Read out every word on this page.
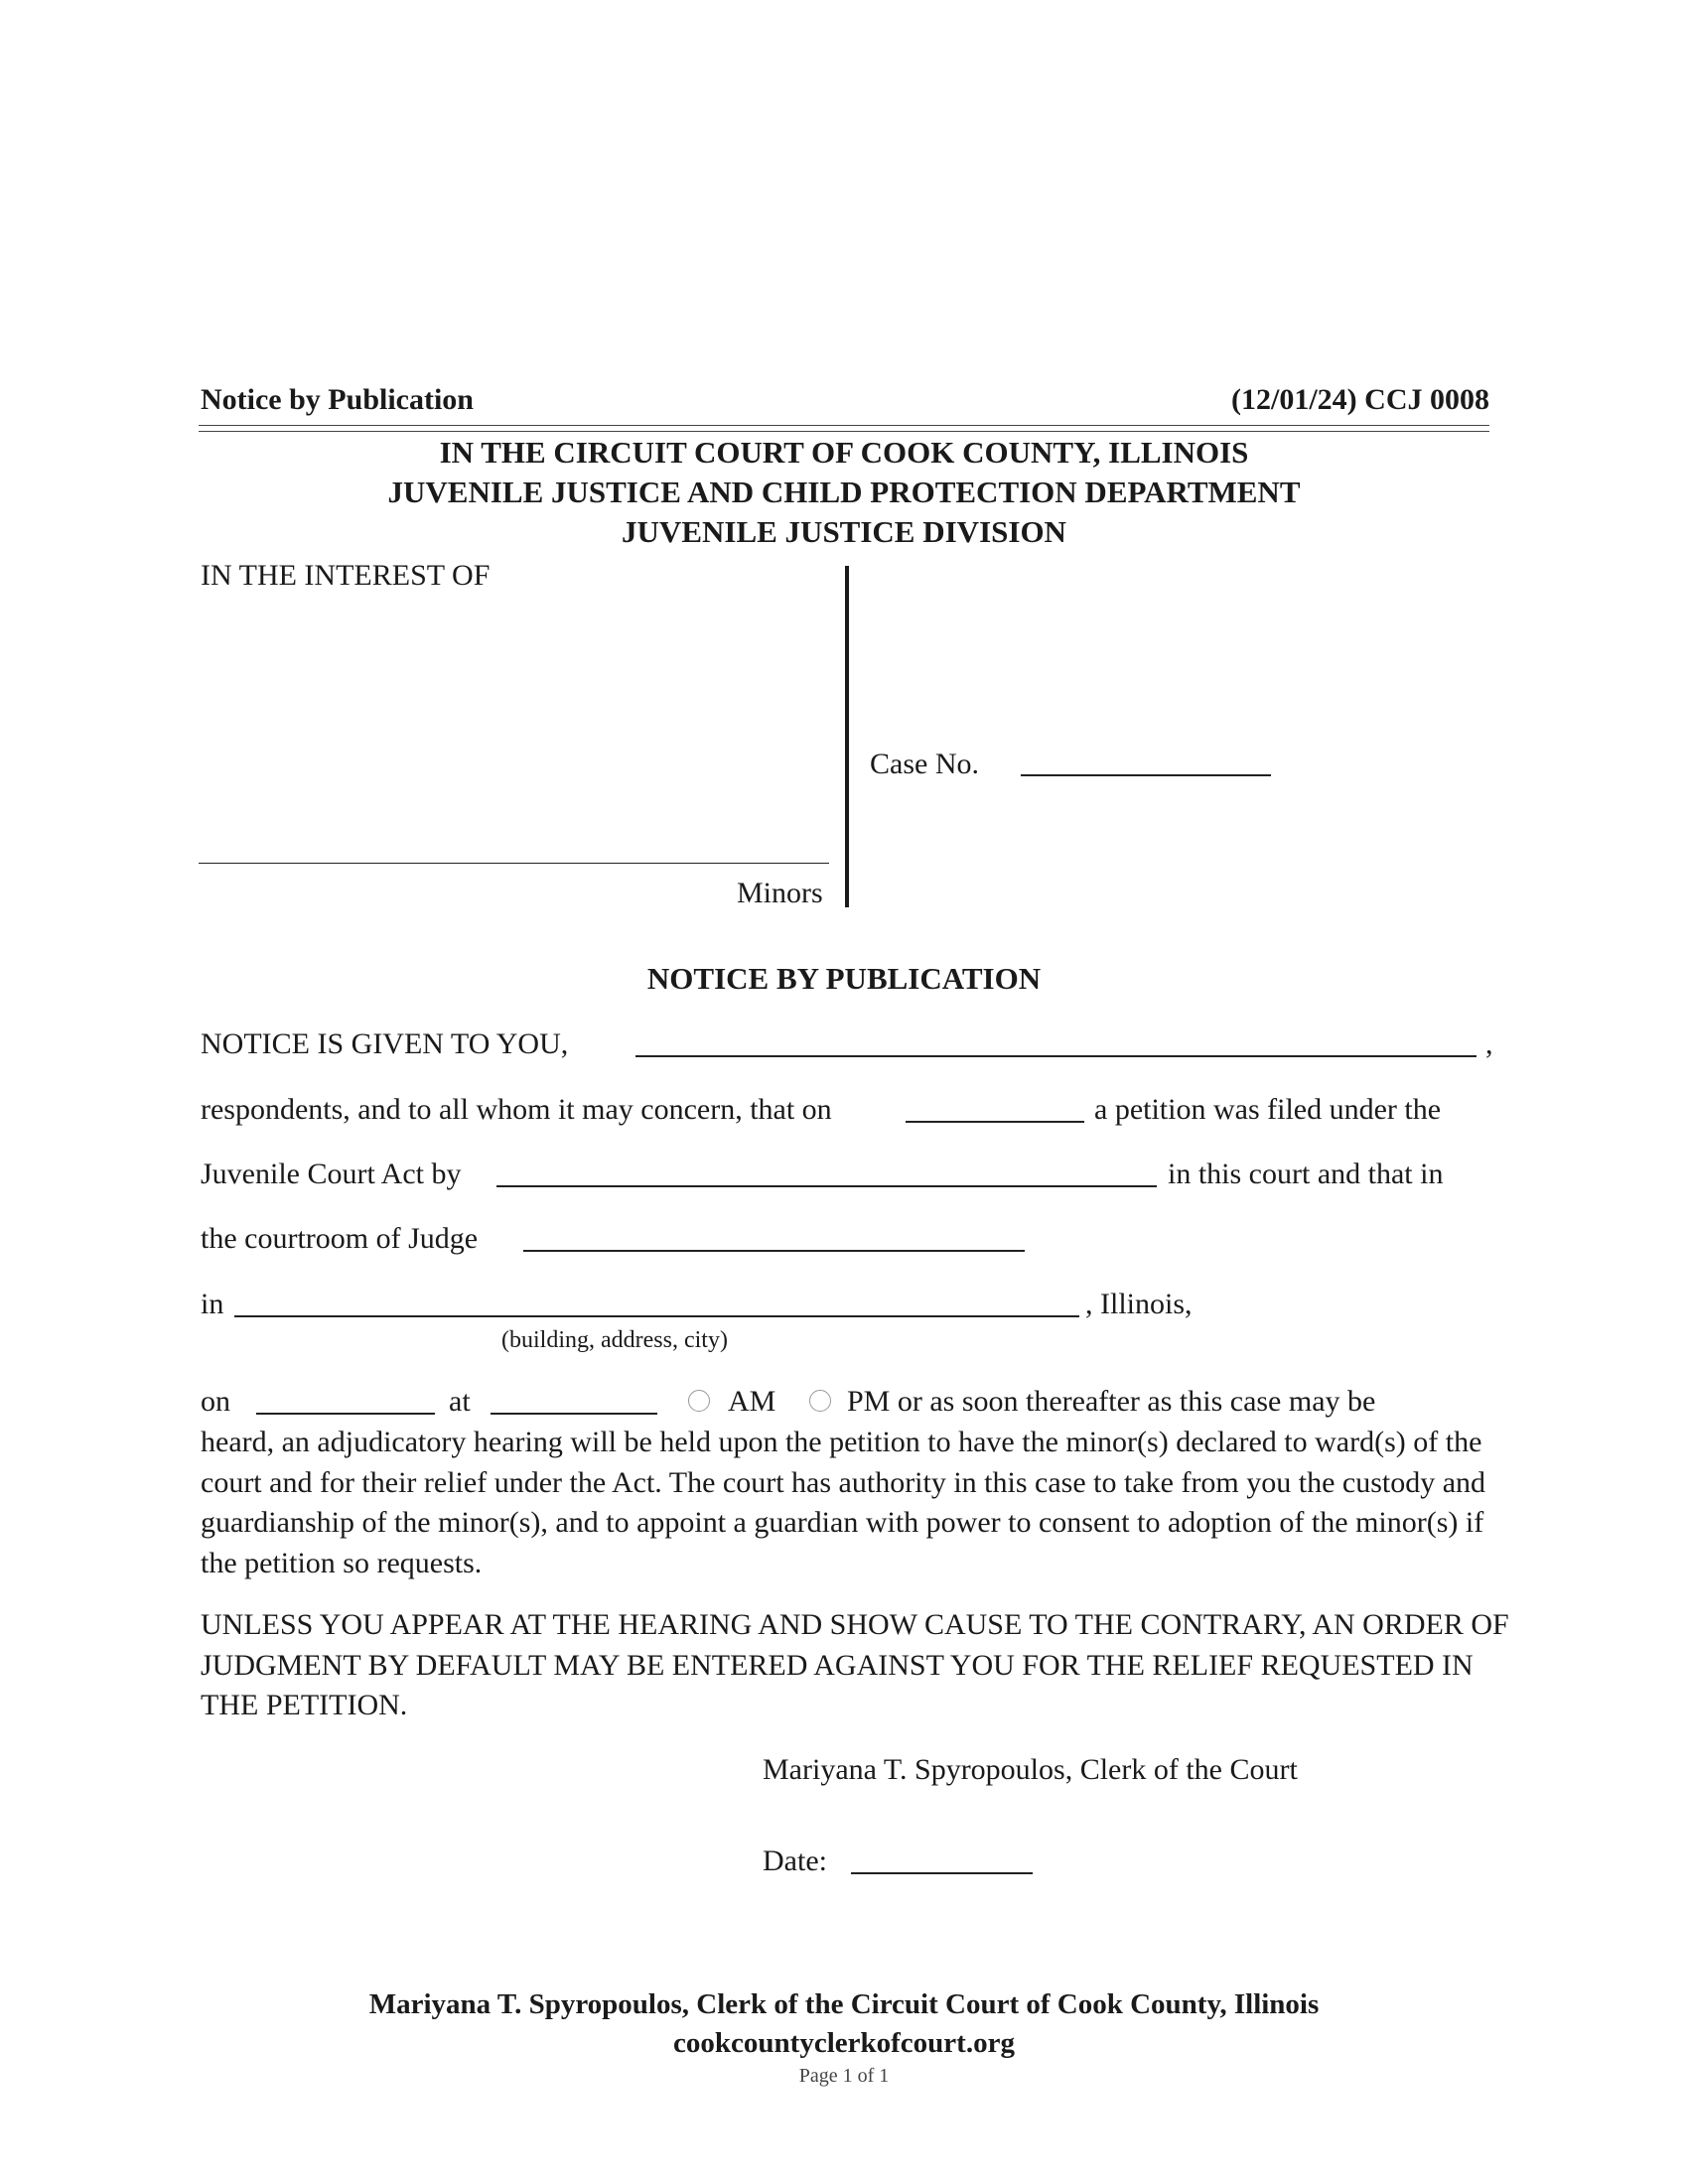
Notice by Publication	(12/01/24) CCJ 0008
IN THE CIRCUIT COURT OF COOK COUNTY, ILLINOIS
JUVENILE JUSTICE AND CHILD PROTECTION DEPARTMENT
JUVENILE JUSTICE DIVISION
IN THE INTEREST OF
Minors
Case No.
NOTICE BY PUBLICATION
NOTICE IS GIVEN TO YOU,	,
respondents, and to all whom it may concern, that on	a petition was filed under the
Juvenile Court Act by	in this court and that in
the courtroom of Judge
in	, Illinois,
(building, address, city)
on	at	AM PM or as soon thereafter as this case may be
heard, an adjudicatory hearing will be held upon the petition to have the minor(s) declared to ward(s) of the court and for their relief under the Act. The court has authority in this case to take from you the custody and guardianship of the minor(s), and to appoint a guardian with power to consent to adoption of the minor(s) if the petition so requests.
UNLESS YOU APPEAR AT THE HEARING AND SHOW CAUSE TO THE CONTRARY, AN ORDER OF JUDGMENT BY DEFAULT MAY BE ENTERED AGAINST YOU FOR THE RELIEF REQUESTED IN THE PETITION.
Mariyana T. Spyropoulos, Clerk of the Court
Date:
Mariyana T. Spyropoulos, Clerk of the Circuit Court of Cook County, Illinois
cookcountyclerkofcourt.org
Page 1 of 1
